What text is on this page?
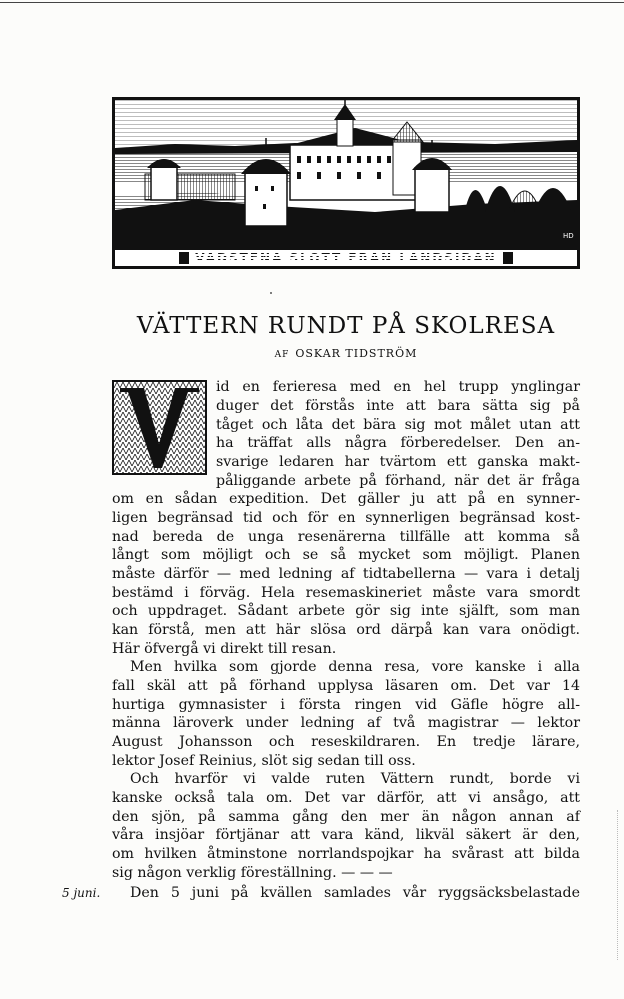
HD
VADSTENA SLOTT FRÅN LANDSIDAN
VÄTTERN RUNDT PÅ SKOLRESA
AF OSKAR TIDSTRÖM
id en ferieresa med en hel trupp ynglingar
duger det förstås inte att bara sätta sig på
tåget och låta det bära sig mot målet utan att
ha träffat alls några förberedelser. Den an-
svarige ledaren har tvärtom ett ganska makt-
påliggande arbete på förhand, när det är fråga
om en sådan expedition. Det gäller ju att på en synner-
ligen begränsad tid och för en synnerligen begränsad kost-
nad bereda de unga resenärerna tillfälle att komma så
långt som möjligt och se så mycket som möjligt. Planen
måste därför — med ledning af tidtabellerna — vara i detalj
bestämd i förväg. Hela resemaskineriet måste vara smordt
och uppdraget. Sådant arbete gör sig inte själft, som man
kan förstå, men att här slösa ord därpå kan vara onödigt.
Här öfvergå vi direkt till resan.
Men hvilka som gjorde denna resa, vore kanske i alla
fall skäl att på förhand upplysa läsaren om. Det var 14
hurtiga gymnasister i första ringen vid Gäfle högre all-
männa läroverk under ledning af två magistrar — lektor
August Johansson och reseskildraren. En tredje lärare,
lektor Josef Reinius, slöt sig sedan till oss.
Och hvarför vi valde ruten Vättern rundt, borde vi
kanske också tala om. Det var därför, att vi ansågo, att
den sjön, på samma gång den mer än någon annan af
våra insjöar förtjänar att vara känd, likväl säkert är den,
om hvilken åtminstone norrlandspojkar ha svårast att bilda
sig någon verklig föreställning. — — —
Den 5 juni på kvällen samlades vår ryggsäcksbelastade
5 juni.
